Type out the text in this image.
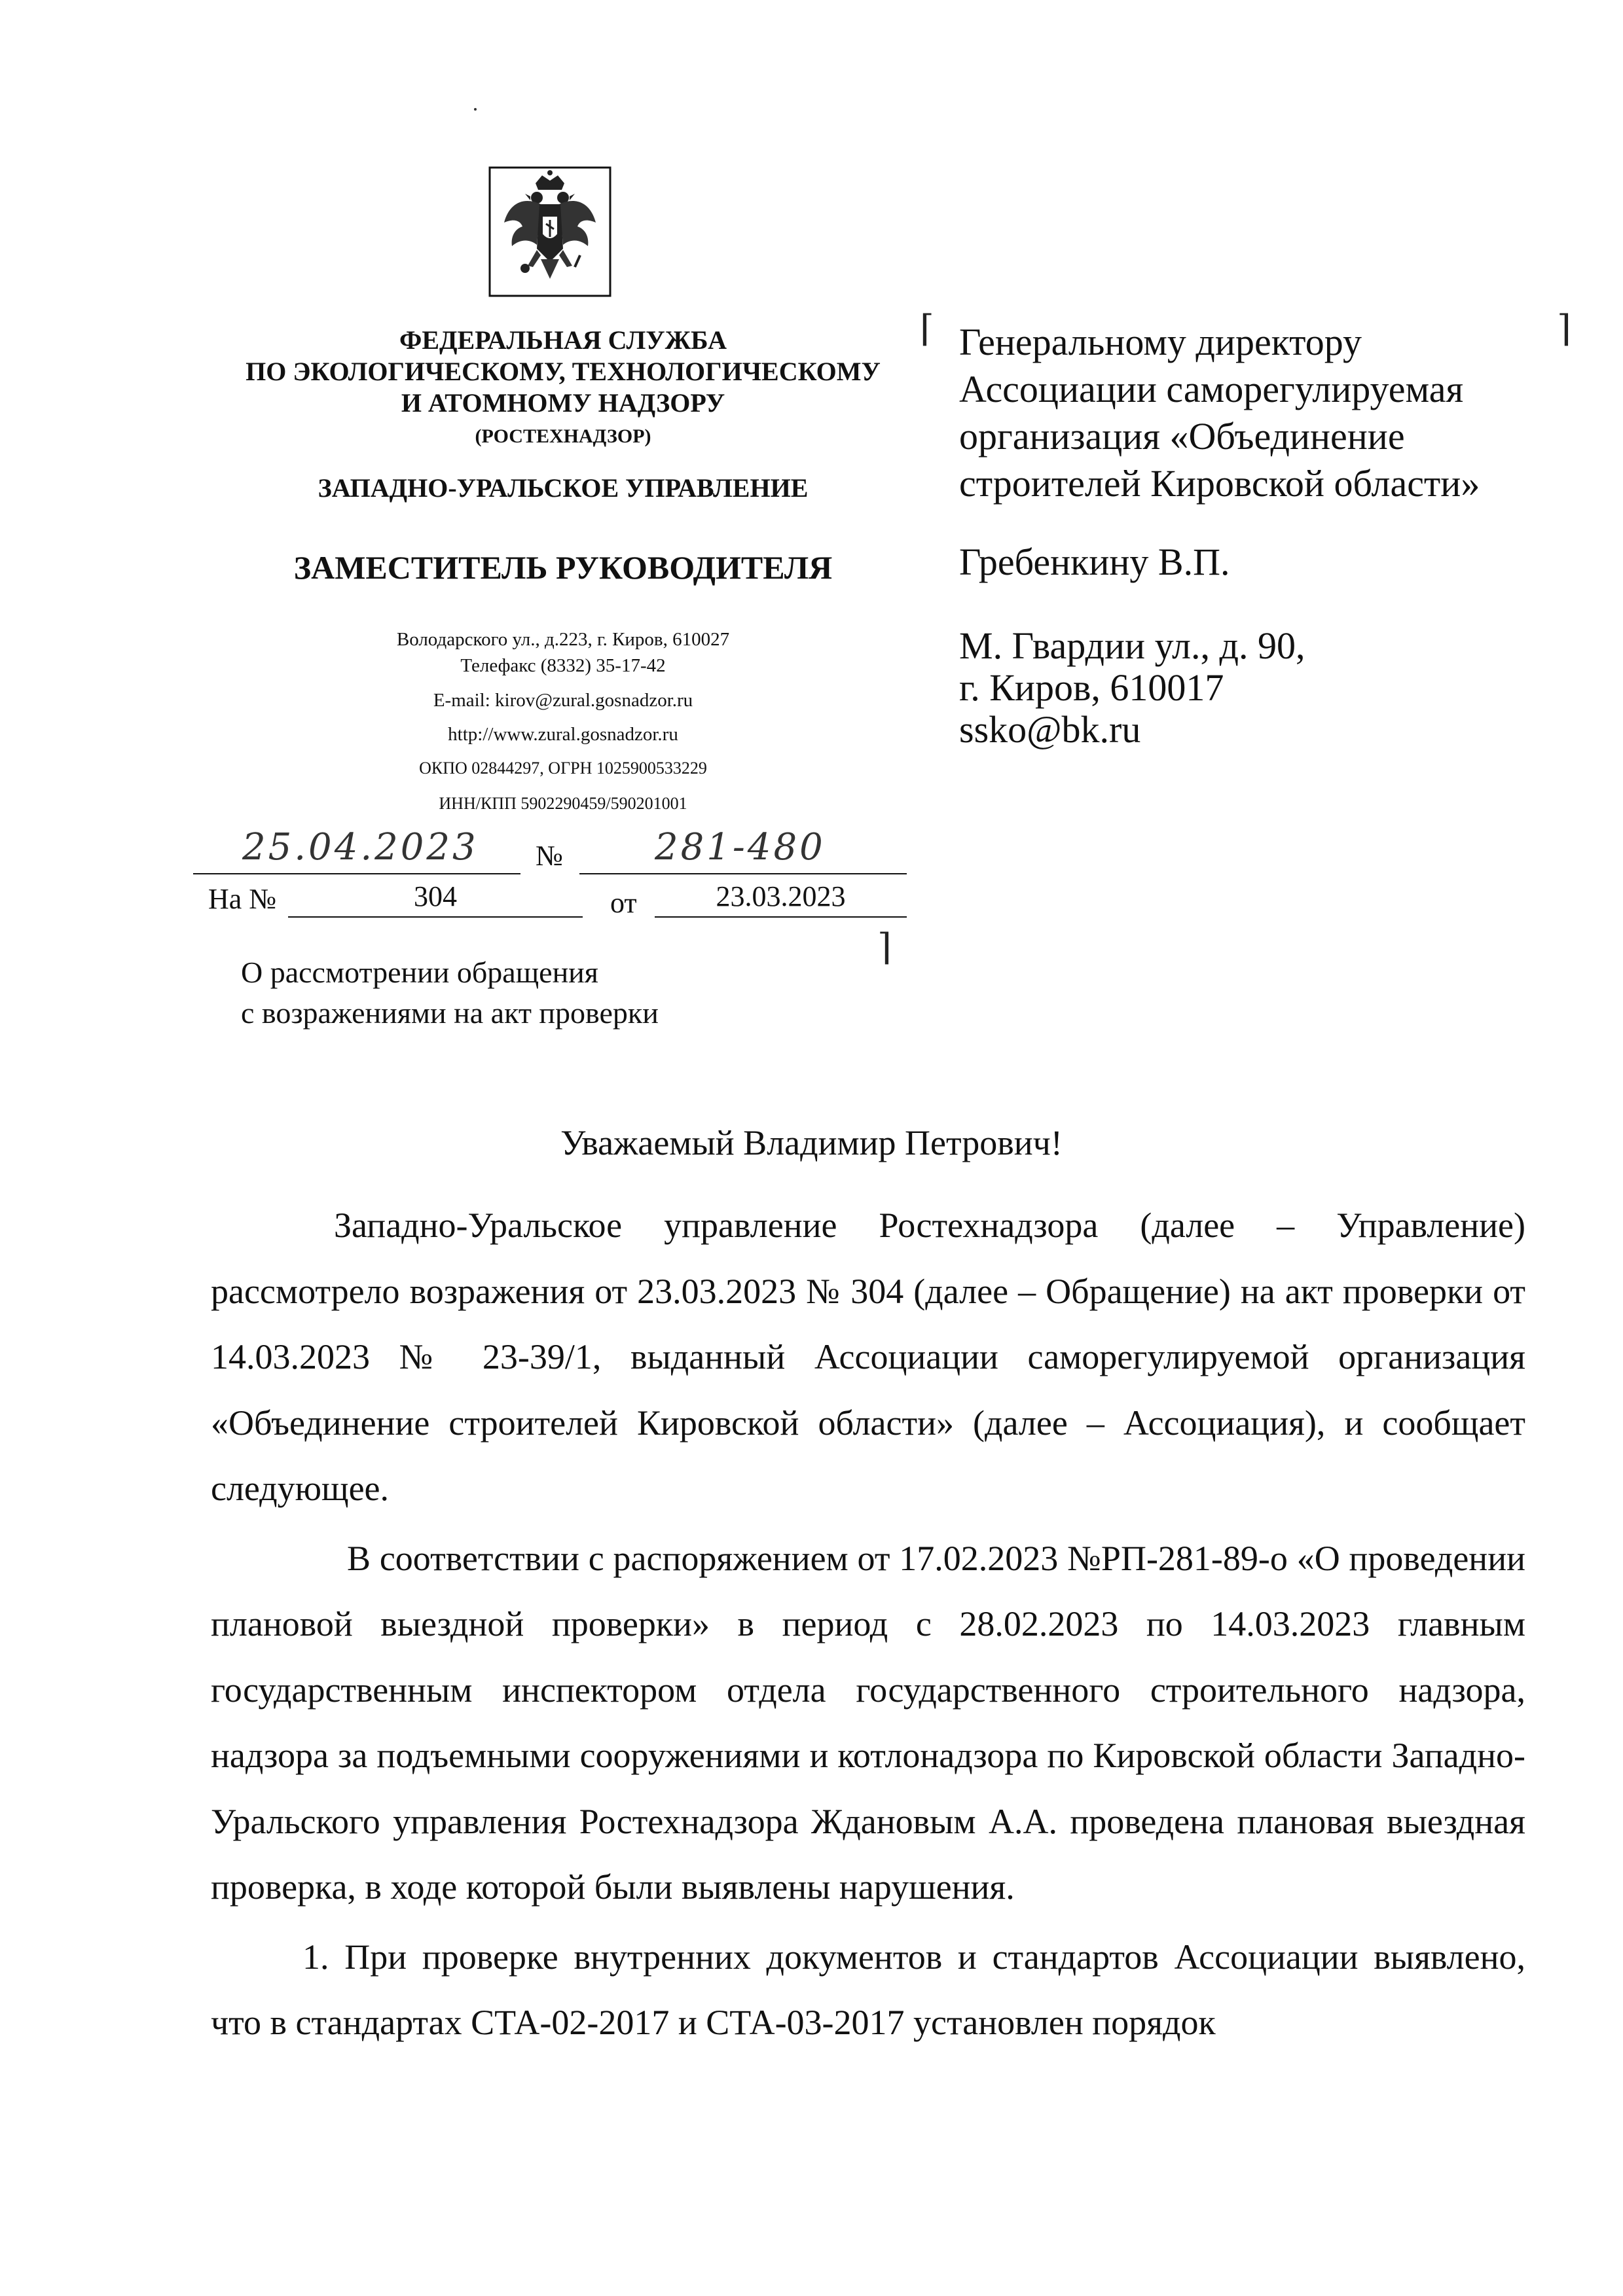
ФЕДЕРАЛЬНАЯ СЛУЖБА
ПО ЭКОЛОГИЧЕСКОМУ, ТЕХНОЛОГИЧЕСКОМУ
И АТОМНОМУ НАДЗОРУ
(РОСТЕХНАДЗОР)
ЗАПАДНО-УРАЛЬСКОЕ УПРАВЛЕНИЕ
ЗАМЕСТИТЕЛЬ РУКОВОДИТЕЛЯ
Володарского ул., д.223, г. Киров, 610027
Телефакс (8332) 35-17-42
E-mail: kirov@zural.gosnadzor.ru
http://www.zural.gosnadzor.ru
ОКПО 02844297, ОГРН 1025900533229
ИНН/КПП 5902290459/590201001
25.04.2023 №	281-480
На №	304	от	23.03.2023
⌈	⌉
⌉
Генеральному директору
Ассоциации саморегулируемая
организация «Объединение
строителей Кировской области»
Гребенкину В.П.
М. Гвардии ул., д. 90,
г. Киров, 610017
ssko@bk.ru
О рассмотрении обращения
с возражениями на акт проверки
Уважаемый Владимир Петрович!

Западно-Уральское управление Ростехнадзора (далее – Управление) рассмотрело возражения от 23.03.2023 № 304 (далее – Обращение) на акт проверки от 14.03.2023 № 23-39/1, выданный Ассоциации саморегулируемой организация «Объединение строителей Кировской области» (далее – Ассоциация), и сообщает следующее.

В соответствии с распоряжением от 17.02.2023 №РП-281-89-о «О проведении плановой выездной проверки» в период с 28.02.2023 по 14.03.2023 главным государственным инспектором отдела государственного строительного надзора, надзора за подъемными сооружениями и котлонадзора по Кировской области Западно-Уральского управления Ростехнадзора Ждановым А.А. проведена плановая выездная проверка, в ходе которой были выявлены нарушения.

1. При проверке внутренних документов и стандартов Ассоциации выявлено, что в стандартах СТА-02-2017 и СТА-03-2017 установлен порядок
